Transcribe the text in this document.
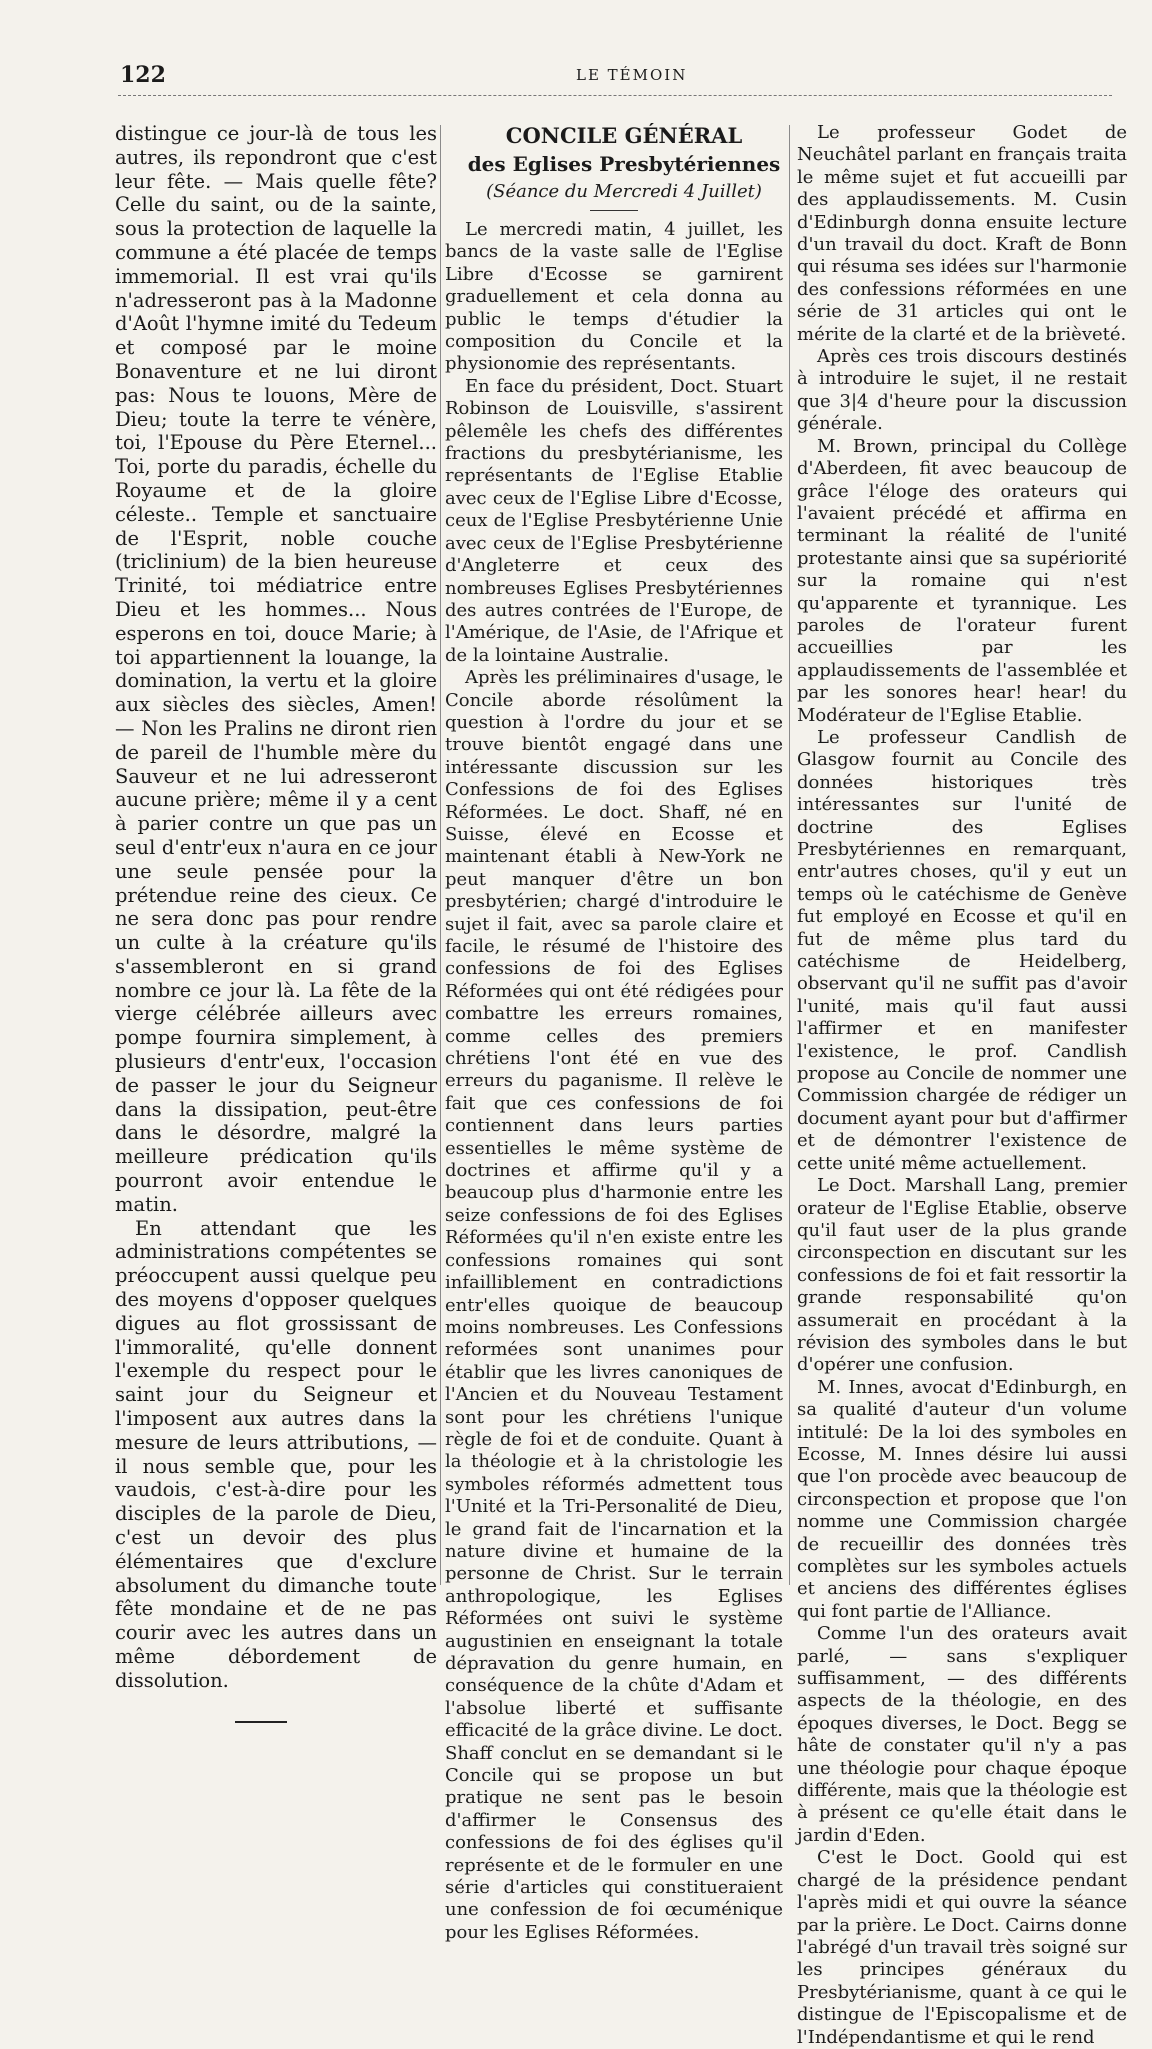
122	LE TÉMOIN

distingue ce jour-là de tous les autres, ils repondront que c'est leur fête. — Mais quelle fête? Celle du saint, ou de la sainte, sous la protection de laquelle la commune a été placée de temps immemorial. Il est vrai qu'ils n'adresseront pas à la Madonne d'Août l'hymne imité du Tedeum et composé par le moine Bonaventure et ne lui diront pas: Nous te louons, Mère de Dieu; toute la terre te vénère, toi, l'Epouse du Père Eternel... Toi, porte du paradis, échelle du Royaume et de la gloire céleste.. Temple et sanctuaire de l'Esprit, noble couche (triclinium) de la bien heureuse Trinité, toi médiatrice entre Dieu et les hommes... Nous esperons en toi, douce Marie; à toi appartiennent la louange, la domination, la vertu et la gloire aux siècles des siècles, Amen! — Non les Pralins ne diront rien de pareil de l'humble mère du Sauveur et ne lui adresseront aucune prière; même il y a cent à parier contre un que pas un seul d'entr'eux n'aura en ce jour une seule pensée pour la prétendue reine des cieux. Ce ne sera donc pas pour rendre un culte à la créature qu'ils s'assembleront en si grand nombre ce jour là. La fête de la vierge célébrée ailleurs avec pompe fournira simplement, à plusieurs d'entr'eux, l'occasion de passer le jour du Seigneur dans la dissipation, peut-être dans le désordre, malgré la meilleure prédication qu'ils pourront avoir entendue le matin.

En attendant que les administrations compétentes se préoccupent aussi quelque peu des moyens d'opposer quelques digues au flot grossissant de l'immoralité, qu'elle donnent l'exemple du respect pour le saint jour du Seigneur et l'imposent aux autres dans la mesure de leurs attributions, — il nous semble que, pour les vaudois, c'est-à-dire pour les disciples de la parole de Dieu, c'est un devoir des plus élémentaires que d'exclure absolument du dimanche toute fête mondaine et de ne pas courir avec les autres dans un même débordement de dissolution.

CONCILE GÉNÉRAL

des Eglises Presbytériennes

(Séance du Mercredi 4 Juillet)

Le mercredi matin, 4 juillet, les bancs de la vaste salle de l'Eglise Libre d'Ecosse se garnirent graduellement et cela donna au public le temps d'étudier la composition du Concile et la physionomie des représentants.

En face du président, Doct. Stuart Robinson de Louisville, s'assirent pêlemêle les chefs des différentes fractions du presbytérianisme, les représentants de l'Eglise Etablie avec ceux de l'Eglise Libre d'Ecosse, ceux de l'Eglise Presbytérienne Unie avec ceux de l'Eglise Presbytérienne d'Angleterre et ceux des nombreuses Eglises Presbytériennes des autres contrées de l'Europe, de l'Amérique, de l'Asie, de l'Afrique et de la lointaine Australie.

Après les préliminaires d'usage, le Concile aborde résolûment la question à l'ordre du jour et se trouve bientôt engagé dans une intéressante discussion sur les Confessions de foi des Eglises Réformées. Le doct. Shaff, né en Suisse, élevé en Ecosse et maintenant établi à New-York ne peut manquer d'être un bon presbytérien; chargé d'introduire le sujet il fait, avec sa parole claire et facile, le résumé de l'histoire des confessions de foi des Eglises Réformées qui ont été rédigées pour combattre les erreurs romaines, comme celles des premiers chrétiens l'ont été en vue des erreurs du paganisme. Il relève le fait que ces confessions de foi contiennent dans leurs parties essentielles le même système de doctrines et affirme qu'il y a beaucoup plus d'harmonie entre les seize confessions de foi des Eglises Réformées qu'il n'en existe entre les confessions romaines qui sont infailliblement en contradictions entr'elles quoique de beaucoup moins nombreuses. Les Confessions reformées sont unanimes pour établir que les livres canoniques de l'Ancien et du Nouveau Testament sont pour les chrétiens l'unique règle de foi et de conduite. Quant à la théologie et à la christologie les symboles réformés admettent tous l'Unité et la Tri-Personalité de Dieu, le grand fait de l'incarnation et la nature divine et humaine de la personne de Christ. Sur le terrain anthropologique, les Eglises Réformées ont suivi le système augustinien en enseignant la totale dépravation du genre humain, en conséquence de la chûte d'Adam et l'absolue liberté et suffisante efficacité de la grâce divine. Le doct. Shaff conclut en se demandant si le Concile qui se propose un but pratique ne sent pas le besoin d'affirmer le Consensus des confessions de foi des églises qu'il représente et de le formuler en une série d'articles qui constitueraient une confession de foi œcuménique pour les Eglises Réformées.

Le professeur Godet de Neuchâtel parlant en français traita le même sujet et fut accueilli par des applaudissements. M. Cusin d'Edinburgh donna ensuite lecture d'un travail du doct. Kraft de Bonn qui résuma ses idées sur l'harmonie des confessions réformées en une série de 31 articles qui ont le mérite de la clarté et de la brièveté.

Après ces trois discours destinés à introduire le sujet, il ne restait que 3|4 d'heure pour la discussion générale.

M. Brown, principal du Collège d'Aberdeen, fit avec beaucoup de grâce l'éloge des orateurs qui l'avaient précédé et affirma en terminant la réalité de l'unité protestante ainsi que sa supériorité sur la romaine qui n'est qu'apparente et tyrannique. Les paroles de l'orateur furent accueillies par les applaudissements de l'assemblée et par les sonores hear! hear! du Modérateur de l'Eglise Etablie.

Le professeur Candlish de Glasgow fournit au Concile des données historiques très intéressantes sur l'unité de doctrine des Eglises Presbytériennes en remarquant, entr'autres choses, qu'il y eut un temps où le catéchisme de Genève fut employé en Ecosse et qu'il en fut de même plus tard du catéchisme de Heidelberg, observant qu'il ne suffit pas d'avoir l'unité, mais qu'il faut aussi l'affirmer et en manifester l'existence, le prof. Candlish propose au Concile de nommer une Commission chargée de rédiger un document ayant pour but d'affirmer et de démontrer l'existence de cette unité même actuellement.

Le Doct. Marshall Lang, premier orateur de l'Eglise Etablie, observe qu'il faut user de la plus grande circonspection en discutant sur les confessions de foi et fait ressortir la grande responsabilité qu'on assumerait en procédant à la révision des symboles dans le but d'opérer une confusion.

M. Innes, avocat d'Edinburgh, en sa qualité d'auteur d'un volume intitulé: De la loi des symboles en Ecosse, M. Innes désire lui aussi que l'on procède avec beaucoup de circonspection et propose que l'on nomme une Commission chargée de recueillir des données très complètes sur les symboles actuels et anciens des différentes églises qui font partie de l'Alliance.

Comme l'un des orateurs avait parlé, — sans s'expliquer suffisamment, — des différents aspects de la théologie, en des époques diverses, le Doct. Begg se hâte de constater qu'il n'y a pas une théologie pour chaque époque différente, mais que la théologie est à présent ce qu'elle était dans le jardin d'Eden.

C'est le Doct. Goold qui est chargé de la présidence pendant l'après midi et qui ouvre la séance par la prière. Le Doct. Cairns donne l'abrégé d'un travail très soigné sur les principes généraux du Presbytérianisme, quant à ce qui le distingue de l'Episcopalisme et de l'Indépendantisme et qui le rend
